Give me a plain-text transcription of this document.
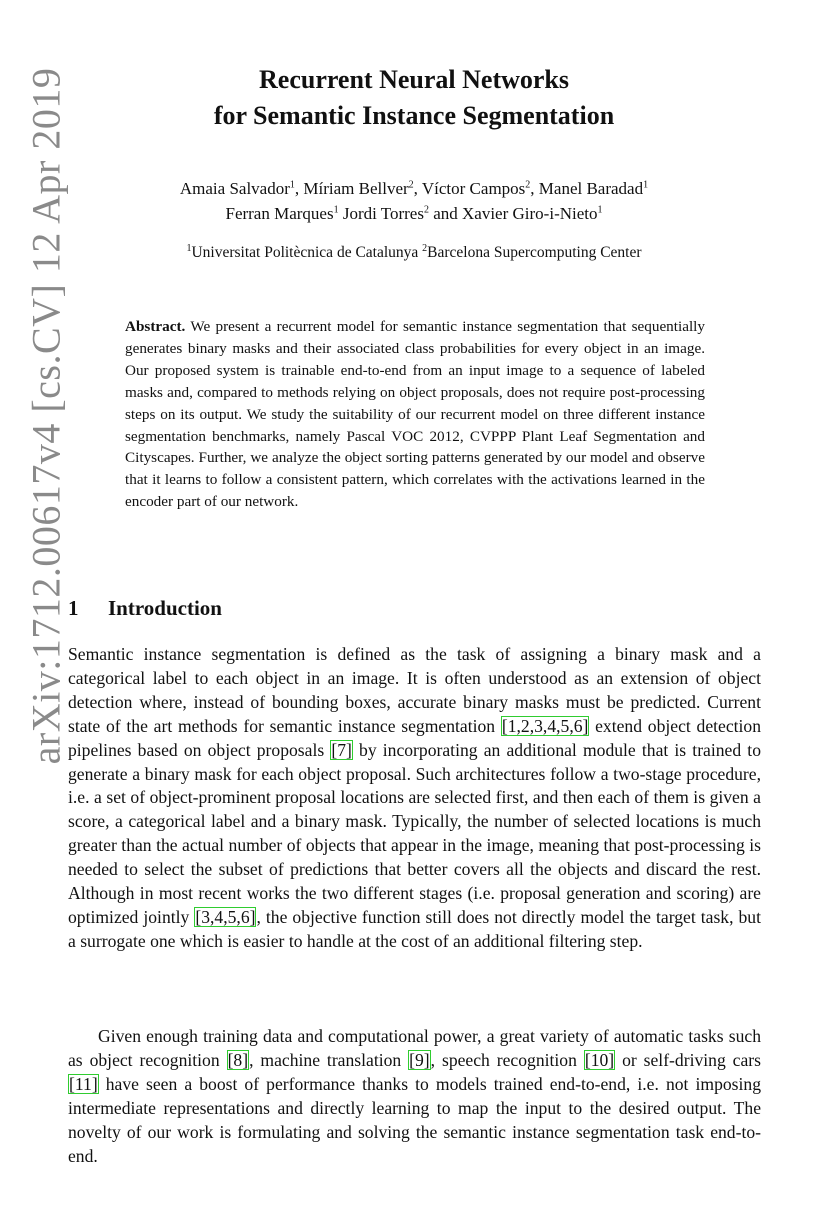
arXiv:1712.00617v4 [cs.CV] 12 Apr 2019	Recurrent Neural Networks
for Semantic Instance Segmentation
Amaia Salvador$^1$, Míriam Bellver$^2$, Víctor Campos$^2$, Manel Baradad$^1$
Ferran Marques$^1$ Jordi Torres$^2$ and Xavier Giro-i-Nieto$^1$
$^1$Universitat Politècnica de Catalunya $^2$Barcelona Supercomputing Center

Abstract. We present a recurrent model for semantic instance segmentation that sequentially generates binary masks and their associated class probabilities for every object in an image. Our proposed system is trainable end-to-end from an input image to a sequence of labeled masks and, compared to methods relying on object proposals, does not require post-processing steps on its output. We study the suitability of our recurrent model on three different instance segmentation benchmarks, namely Pascal VOC 2012, CVPPP Plant Leaf Segmentation and Cityscapes. Further, we analyze the object sorting patterns generated by our model and observe that it learns to follow a consistent pattern, which correlates with the activations learned in the encoder part of our network.

1 Introduction

Semantic instance segmentation is defined as the task of assigning a binary mask and a categorical label to each object in an image. It is often understood as an extension of object detection where, instead of bounding boxes, accurate binary masks must be predicted. Current state of the art methods for semantic instance segmentation [1,2,3,4,5,6] extend object detection pipelines based on object proposals [7] by incorporating an additional module that is trained to generate a binary mask for each object proposal. Such architectures follow a two-stage procedure, i.e. a set of object-prominent proposal locations are selected first, and then each of them is given a score, a categorical label and a binary mask. Typically, the number of selected locations is much greater than the actual number of objects that appear in the image, meaning that post-processing is needed to select the subset of predictions that better covers all the objects and discard the rest. Although in most recent works the two different stages (i.e. proposal generation and scoring) are optimized jointly [3,4,5,6], the objective function still does not directly model the target task, but a surrogate one which is easier to handle at the cost of an additional filtering step.

Given enough training data and computational power, a great variety of automatic tasks such as object recognition [8], machine translation [9], speech recognition [10] or self-driving cars [11] have seen a boost of performance thanks to models trained end-to-end, i.e. not imposing intermediate representations and directly learning to map the input to the desired output. The novelty of our work is formulating and solving the semantic instance segmentation task end-to-end.
